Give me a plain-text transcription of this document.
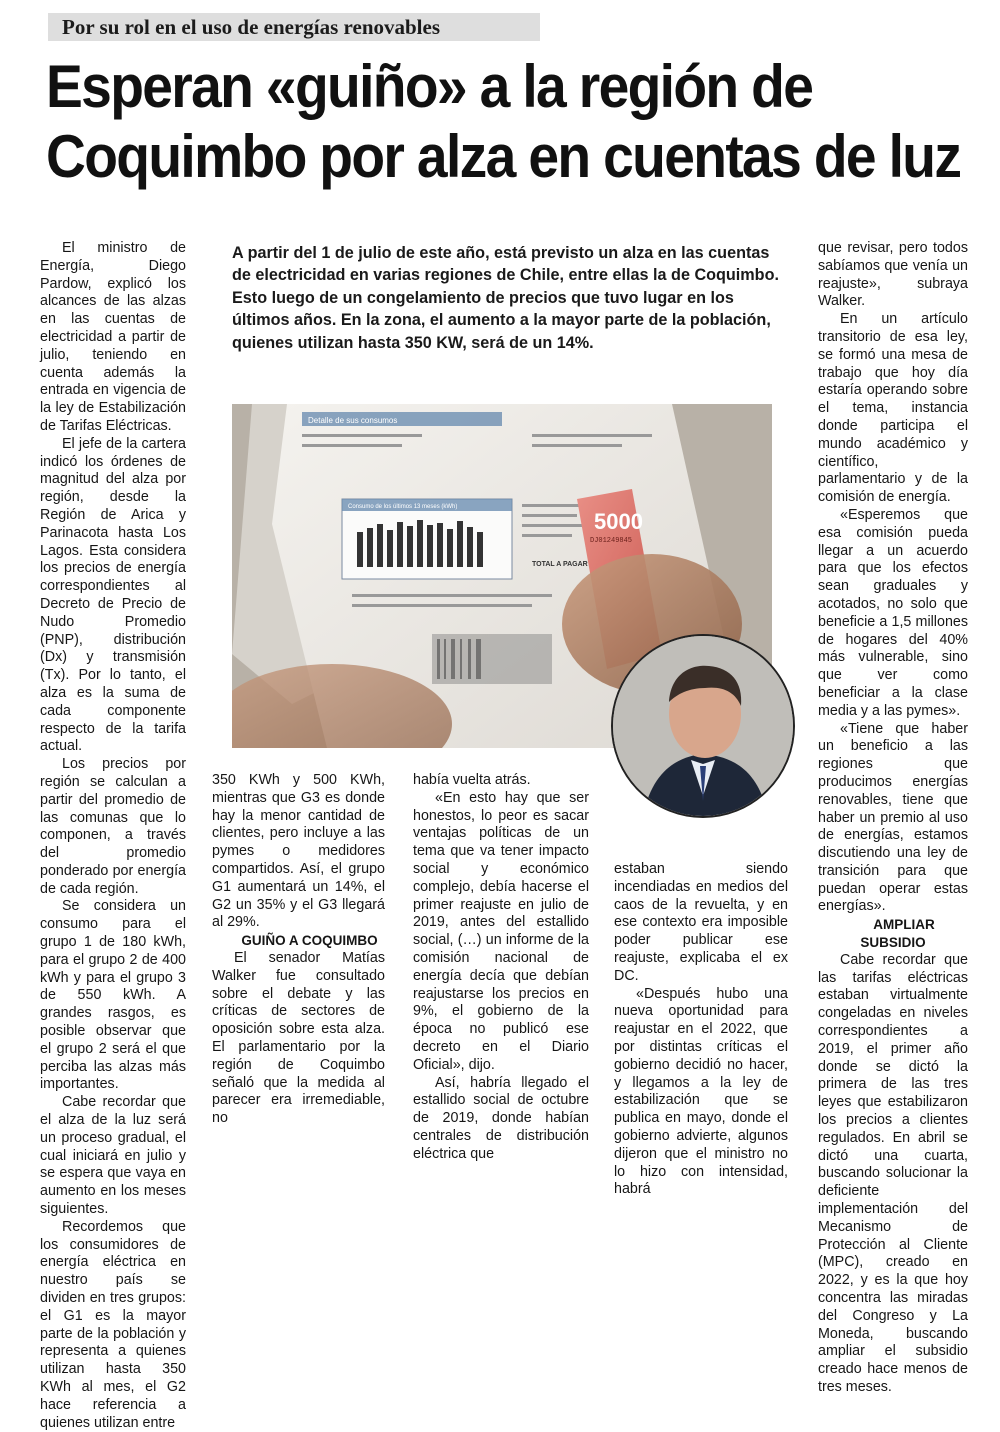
Por su rol en el uso de energías renovables
Esperan «guiño» a la región de
Coquimbo por alza en cuentas de luz

El ministro de Energía, Diego Pardow, explicó los alcances de las alzas en las cuentas de electricidad a partir de julio, teniendo en cuenta además la entrada en vigencia de la ley de Estabilización de Tarifas Eléctricas.

El jefe de la cartera indicó los órdenes de magnitud del alza por región, desde la Región de Arica y Parinacota hasta Los Lagos. Esta considera los precios de energía correspondientes al Decreto de Precio de Nudo Promedio (PNP), distribución (Dx) y transmisión (Tx). Por lo tanto, el alza es la suma de cada componente respecto de la tarifa actual.

Los precios por región se calculan a partir del promedio de las comunas que lo componen, a través del promedio ponderado por energía de cada región.

Se considera un consumo para el grupo 1 de 180 kWh, para el grupo 2 de 400 kWh y para el grupo 3 de 550 kWh. A grandes rasgos, es posible observar que el grupo 2 será el que perciba las alzas más importantes.

Cabe recordar que el alza de la luz será un proceso gradual, el cual iniciará en julio y se espera que vaya en aumento en los meses siguientes.

Recordemos que los consumidores de energía eléctrica en nuestro país se dividen en tres grupos: el G1 es la mayor parte de la población y representa a quienes utilizan hasta 350 KWh al mes, el G2 hace referencia a quienes utilizan entre

A partir del 1 de julio de este año, está previsto un alza en las cuentas de electricidad en varias regiones de Chile, entre ellas la de Coquimbo. Esto luego de un congelamiento de precios que tuvo lugar en los últimos años. En la zona, el aumento a la mayor parte de la población, quienes utilizan hasta 350 KW, será de un 14%.
Detalle de sus consumos
Consumo de los últimos 13 meses (kWh)
TOTAL A PAGAR
5000
DJ01249845

350 KWh y 500 KWh, mientras que G3 es donde hay la menor cantidad de clientes, pero incluye a las pymes o medidores compartidos. Así, el grupo G1 aumentará un 14%, el G2 un 35% y el G3 llegará al 29%.

GUIÑO A COQUIMBO

El senador Matías Walker fue consultado sobre el debate y las críticas de sectores de oposición sobre esta alza. El parlamentario por la región de Coquimbo señaló que la medida al parecer era irremediable, no

había vuelta atrás.

«En esto hay que ser honestos, lo peor es sacar ventajas políticas de un tema que va tener impacto social y económico complejo, debía hacerse el primer reajuste en julio de 2019, antes del estallido social, (…) un informe de la comisión nacional de energía decía que debían reajustarse los precios en 9%, el gobierno de la época no publicó ese decreto en el Diario Oficial», dijo.

Así, habría llegado el estallido social de octubre de 2019, donde habían centrales de distribución eléctrica que

estaban siendo incendiadas en medios del caos de la revuelta, y en ese contexto era imposible poder publicar ese reajuste, explicaba el ex DC.

«Después hubo una nueva oportunidad para reajustar en el 2022, que por distintas críticas el gobierno decidió no hacer, y llegamos a la ley de estabilización que se publica en mayo, donde el gobierno advierte, algunos dijeron que el ministro no lo hizo con intensidad, habrá

que revisar, pero todos sabíamos que venía un reajuste», subraya Walker.

En un artículo transitorio de esa ley, se formó una mesa de trabajo que hoy día estaría operando sobre el tema, instancia donde participa el mundo académico y científico, parlamentario y de la comisión de energía.

«Esperemos que esa comisión pueda llegar a un acuerdo para que los efectos sean graduales y acotados, no solo que beneficie a 1,5 millones de hogares del 40% más vulnerable, sino que ver como beneficiar a la clase media y a las pymes».

«Tiene que haber un beneficio a las regiones que producimos energías renovables, tiene que haber un premio al uso de energías, estamos discutiendo una ley de transición para que puedan operar estas energías».

AMPLIAR SUBSIDIO

Cabe recordar que las tarifas eléctricas estaban virtualmente congeladas en niveles correspondientes a 2019, el primer año donde se dictó la primera de las tres leyes que estabilizaron los precios a clientes regulados. En abril se dictó una cuarta, buscando solucionar la deficiente implementación del Mecanismo de Protección al Cliente (MPC), creado en 2022, y es la que hoy concentra las miradas del Congreso y La Moneda, buscando ampliar el subsidio creado hace menos de tres meses.
